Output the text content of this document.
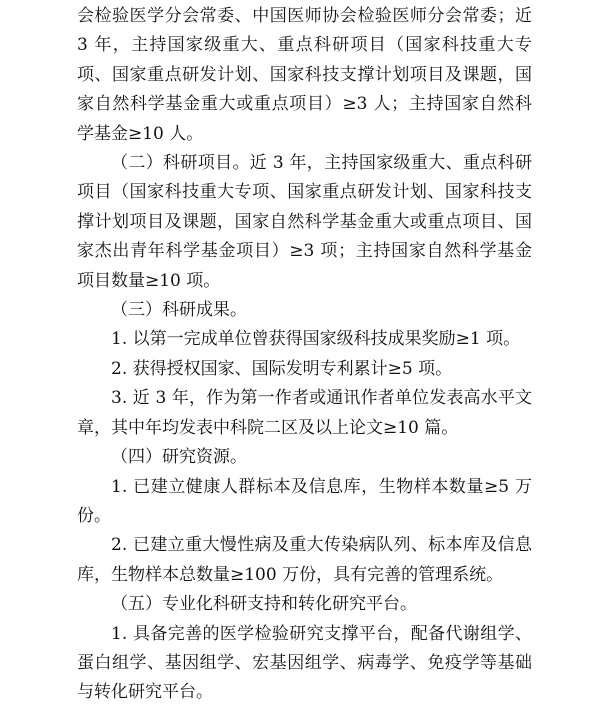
会检验医学分会常委、中国医师协会检验医师分会常委；近 3 年，主持国家级重大、重点科研项目（国家科技重大专项、国家重点研发计划、国家科技支撑计划项目及课题，国家自然科学基金重大或重点项目）≥3 人；主持国家自然科学基金≥10 人。

（二）科研项目。近 3 年，主持国家级重大、重点科研项目（国家科技重大专项、国家重点研发计划、国家科技支撑计划项目及课题，国家自然科学基金重大或重点项目、国家杰出青年科学基金项目）≥3 项；主持国家自然科学基金项目数量≥10 项。

（三）科研成果。

1. 以第一完成单位曾获得国家级科技成果奖励≥1 项。

2. 获得授权国家、国际发明专利累计≥5 项。

3. 近 3 年，作为第一作者或通讯作者单位发表高水平文章，其中年均发表中科院二区及以上论文≥10 篇。

（四）研究资源。

1. 已建立健康人群标本及信息库，生物样本数量≥5 万份。

2. 已建立重大慢性病及重大传染病队列、标本库及信息库，生物样本总数量≥100 万份，具有完善的管理系统。

（五）专业化科研支持和转化研究平台。

1. 具备完善的医学检验研究支撑平台，配备代谢组学、蛋白组学、基因组学、宏基因组学、病毒学、免疫学等基础与转化研究平台。
